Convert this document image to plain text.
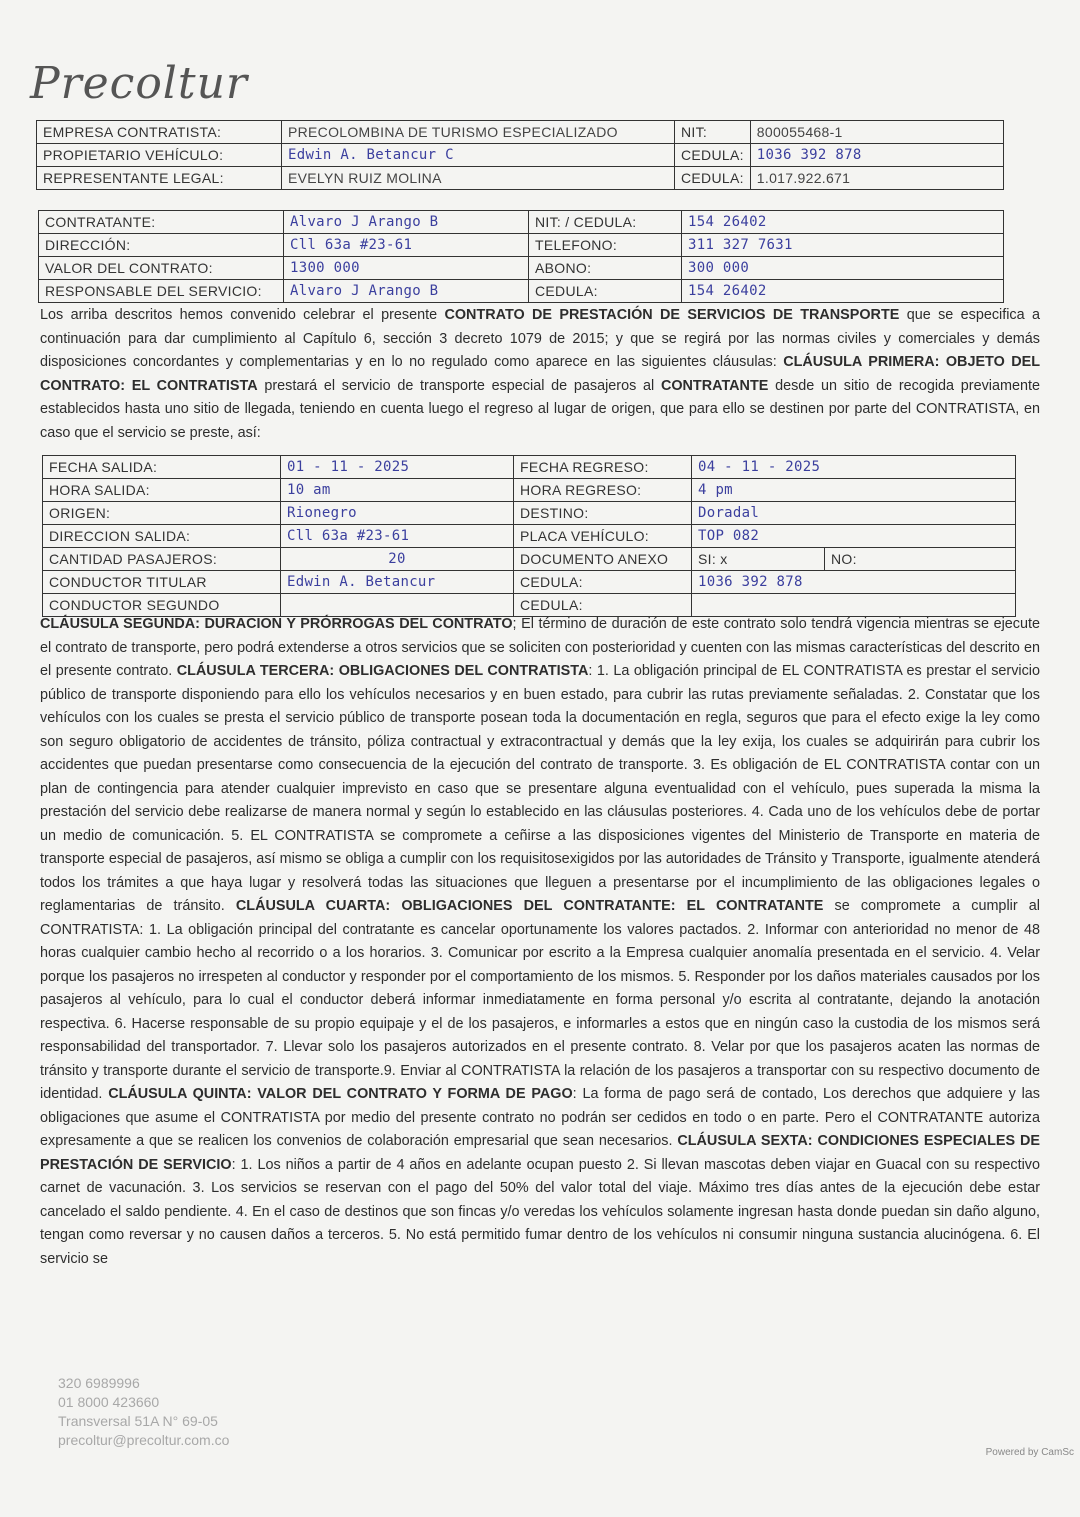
Precoltur
EMPRESA CONTRATISTA:	PRECOLOMBINA DE TURISMO ESPECIALIZADO	NIT:	800055468-1
PROPIETARIO VEHÍCULO:	Edwin A. Betancur C	CEDULA:	1036 392 878
REPRESENTANTE LEGAL:	EVELYN RUIZ MOLINA	CEDULA:	1.017.922.671
CONTRATANTE:	Alvaro J Arango B	NIT: / CEDULA:	154 26402
DIRECCIÓN:	Cll 63a #23-61	TELEFONO:	311 327 7631
VALOR DEL CONTRATO:	1300 000	ABONO:	300 000
RESPONSABLE DEL SERVICIO:	Alvaro J Arango B	CEDULA:	154 26402
Los arriba descritos hemos convenido celebrar el presente CONTRATO DE PRESTACIÓN DE SERVICIOS DE TRANSPORTE que se especifica a continuación para dar cumplimiento al Capítulo 6, sección 3 decreto 1079 de 2015; y que se regirá por las normas civiles y comerciales y demás disposiciones concordantes y complementarias y en lo no regulado como aparece en las siguientes cláusulas: CLÁUSULA PRIMERA: OBJETO DEL CONTRATO: EL CONTRATISTA prestará el servicio de transporte especial de pasajeros al CONTRATANTE desde un sitio de recogida previamente establecidos hasta uno sitio de llegada, teniendo en cuenta luego el regreso al lugar de origen, que para ello se destinen por parte del CONTRATISTA, en caso que el servicio se preste, así:
FECHA SALIDA:	01 - 11 - 2025	FECHA REGRESO:	04 - 11 - 2025	
HORA SALIDA:	10 am	HORA REGRESO:	4 pm	
ORIGEN:	Rionegro	DESTINO:	Doradal	
DIRECCION SALIDA:	Cll 63a #23-61	PLACA VEHÍCULO:	TOP 082	
CANTIDAD PASAJEROS:	20	DOCUMENTO ANEXO	SI: x	NO:
CONDUCTOR TITULAR	Edwin A. Betancur	CEDULA:	1036 392 878	
CONDUCTOR SEGUNDO		CEDULA:		
CLÁUSULA SEGUNDA: DURACION Y PRÓRROGAS DEL CONTRATO; El término de duración de este contrato solo tendrá vigencia mientras se ejecute el contrato de transporte, pero podrá extenderse a otros servicios que se soliciten con posterioridad y cuenten con las mismas características del descrito en el presente contrato. CLÁUSULA TERCERA: OBLIGACIONES DEL CONTRATISTA: 1. La obligación principal de EL CONTRATISTA es prestar el servicio público de transporte disponiendo para ello los vehículos necesarios y en buen estado, para cubrir las rutas previamente señaladas. 2. Constatar que los vehículos con los cuales se presta el servicio público de transporte posean toda la documentación en regla, seguros que para el efecto exige la ley como son seguro obligatorio de accidentes de tránsito, póliza contractual y extracontractual y demás que la ley exija, los cuales se adquirirán para cubrir los accidentes que puedan presentarse como consecuencia de la ejecución del contrato de transporte. 3. Es obligación de EL CONTRATISTA contar con un plan de contingencia para atender cualquier imprevisto en caso que se presentare alguna eventualidad con el vehículo, pues superada la misma la prestación del servicio debe realizarse de manera normal y según lo establecido en las cláusulas posteriores. 4. Cada uno de los vehículos debe de portar un medio de comunicación. 5. EL CONTRATISTA se compromete a ceñirse a las disposiciones vigentes del Ministerio de Transporte en materia de transporte especial de pasajeros, así mismo se obliga a cumplir con los requisitosexigidos por las autoridades de Tránsito y Transporte, igualmente atenderá todos los trámites a que haya lugar y resolverá todas las situaciones que lleguen a presentarse por el incumplimiento de las obligaciones legales o reglamentarias de tránsito. CLÁUSULA CUARTA: OBLIGACIONES DEL CONTRATANTE: EL CONTRATANTE se compromete a cumplir al CONTRATISTA: 1. La obligación principal del contratante es cancelar oportunamente los valores pactados. 2. Informar con anterioridad no menor de 48 horas cualquier cambio hecho al recorrido o a los horarios. 3. Comunicar por escrito a la Empresa cualquier anomalía presentada en el servicio. 4. Velar porque los pasajeros no irrespeten al conductor y responder por el comportamiento de los mismos. 5. Responder por los daños materiales causados por los pasajeros al vehículo, para lo cual el conductor deberá informar inmediatamente en forma personal y/o escrita al contratante, dejando la anotación respectiva. 6. Hacerse responsable de su propio equipaje y el de los pasajeros, e informarles a estos que en ningún caso la custodia de los mismos será responsabilidad del transportador. 7. Llevar solo los pasajeros autorizados en el presente contrato. 8. Velar por que los pasajeros acaten las normas de tránsito y transporte durante el servicio de transporte.9. Enviar al CONTRATISTA la relación de los pasajeros a transportar con su respectivo documento de identidad. CLÁUSULA QUINTA: VALOR DEL CONTRATO Y FORMA DE PAGO: La forma de pago será de contado, Los derechos que adquiere y las obligaciones que asume el CONTRATISTA por medio del presente contrato no podrán ser cedidos en todo o en parte. Pero el CONTRATANTE autoriza expresamente a que se realicen los convenios de colaboración empresarial que sean necesarios. CLÁUSULA SEXTA: CONDICIONES ESPECIALES DE PRESTACIÓN DE SERVICIO: 1. Los niños a partir de 4 años en adelante ocupan puesto 2. Si llevan mascotas deben viajar en Guacal con su respectivo carnet de vacunación. 3. Los servicios se reservan con el pago del 50% del valor total del viaje. Máximo tres días antes de la ejecución debe estar cancelado el saldo pendiente. 4. En el caso de destinos que son fincas y/o veredas los vehículos solamente ingresan hasta donde puedan sin daño alguno, tengan como reversar y no causen daños a terceros. 5. No está permitido fumar dentro de los vehículos ni consumir ninguna sustancia alucinógena. 6. El servicio se
320 6989996
01 8000 423660
Transversal 51A N° 69-05
precoltur@precoltur.com.co
Powered by CamSc
